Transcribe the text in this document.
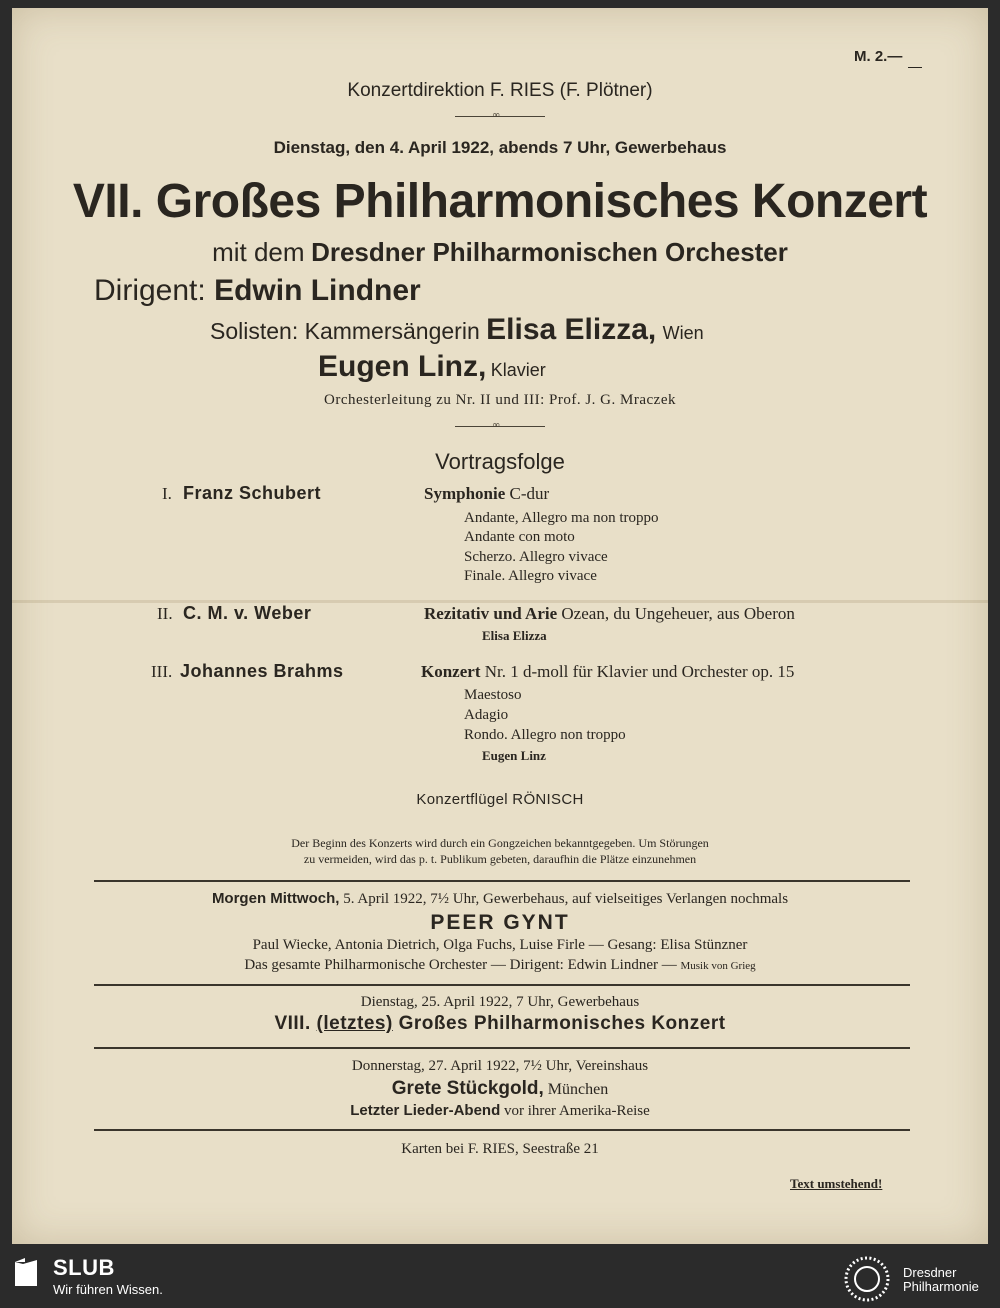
M. 2.—
Konzertdirektion F. RIES (F. Plötner)
∞
Dienstag, den 4. April 1922, abends 7 Uhr, Gewerbehaus
VII. Großes Philharmonisches Konzert
mit dem Dresdner Philharmonischen Orchester
Dirigent: Edwin Lindner
Solisten: Kammersängerin Elisa Elizza, Wien
Eugen Linz, Klavier
Orchesterleitung zu Nr. II und III: Prof. J. G. Mraczek
∞
Vortragsfolge
I. Franz Schubert	Symphonie C-dur
Andante, Allegro ma non troppo
Andante con moto
Scherzo. Allegro vivace
Finale. Allegro vivace
II. C. M. v. Weber	Rezitativ und Arie Ozean, du Ungeheuer, aus Oberon
Elisa Elizza
III. Johannes Brahms	Konzert Nr. 1 d-moll für Klavier und Orchester op. 15
Maestoso
Adagio
Rondo. Allegro non troppo
Eugen Linz
Konzertflügel RÖNISCH
Der Beginn des Konzerts wird durch ein Gongzeichen bekanntgegeben. Um Störungen
zu vermeiden, wird das p. t. Publikum gebeten, daraufhin die Plätze einzunehmen
Morgen Mittwoch, 5. April 1922, 7½ Uhr, Gewerbehaus, auf vielseitiges Verlangen nochmals
PEER GYNT
Paul Wiecke, Antonia Dietrich, Olga Fuchs, Luise Firle — Gesang: Elisa Stünzner
Das gesamte Philharmonische Orchester — Dirigent: Edwin Lindner — Musik von Grieg
Dienstag, 25. April 1922, 7 Uhr, Gewerbehaus
VIII. (letztes) Großes Philharmonisches Konzert
Donnerstag, 27. April 1922, 7½ Uhr, Vereinshaus
Grete Stückgold, München
Letzter Lieder-Abend vor ihrer Amerika-Reise
Karten bei F. RIES, Seestraße 21
Text umstehend!
SLUB
Wir führen Wissen.
Dresdner
Philharmonie
